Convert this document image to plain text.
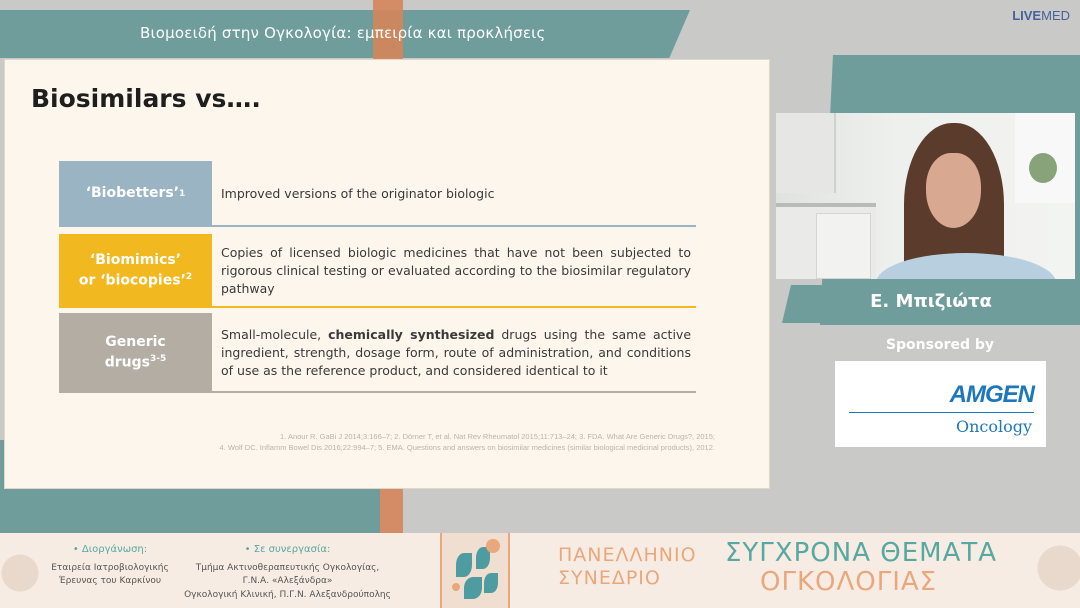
Βιομοειδή στην Ογκολογία: εμπειρία και προκλήσεις
LIVEMED
Biosimilars vs….
‘Biobetters’ 1	Improved versions of the originator biologic
‘Biomimics’
or ‘biocopies’$^2$
Copies of licensed biologic medicines that have not been subjected to rigorous clinical testing or evaluated according to the biosimilar regulatory pathway
Generic
drugs$^{3-5}$
Small-molecule, chemically synthesized drugs using the same active ingredient, strength, dosage form, route of administration, and conditions of use as the reference product, and considered identical to it
1. Anour R. GaBi J 2014;3:166–7; 2. Dörner T, et al. Nat Rev Rheumatol 2015;11:713–24; 3. FDA. What Are Generic Drugs?, 2015;
4. Wolf DC. Inflamm Bowel Dis 2016;22:994–7; 5. EMA. Questions and answers on biosimilar medicines (similar biological medicinal products), 2012.
Ε. Μπιζιώτα
Sponsored by
AMGEN
Oncology
• Διοργάνωση:
Εταιρεία Ιατροβιολογικής
Έρευνας του Καρκίνου
• Σε συνεργασία:
Τμήμα Ακτινοθεραπευτικής Ογκολογίας,
Γ.Ν.Α. «Αλεξάνδρα»
Ογκολογική Κλινική, Π.Γ.Ν. Αλεξανδρούπολης
ΠΑΝΕΛΛΗΝΙΟ
ΣΥΝΕΔΡΙΟ
ΣΥΓΧΡΟΝΑ ΘΕΜΑΤΑ
ΟΓΚΟΛΟΓΙΑΣ
